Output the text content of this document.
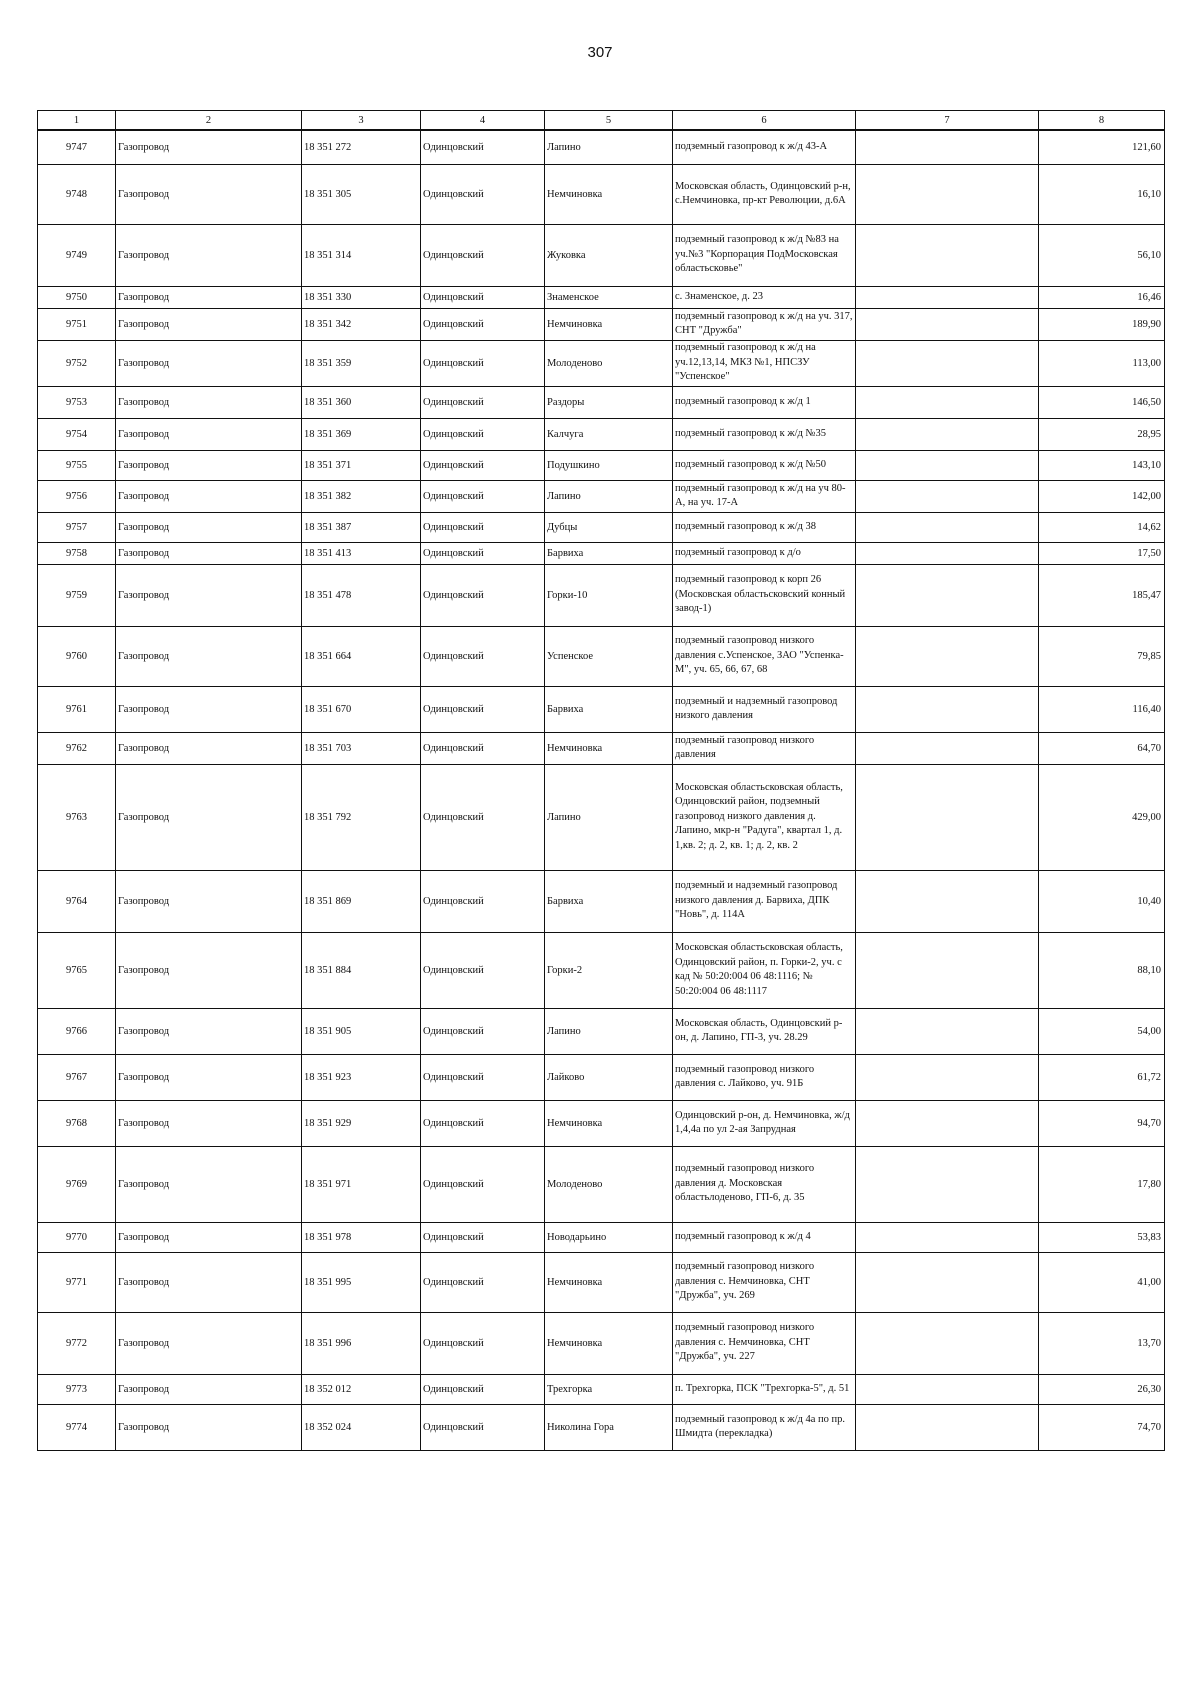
307
1	2	3	4	5	6	7	8
9747	Газопровод	18 351 272	Одинцовский	Лапино	подземный газопровод к ж/д 43-А		121,60
9748	Газопровод	18 351 305	Одинцовский	Немчиновка	Московская область, Одинцовский р-н, с.Немчиновка, пр-кт Революции, д.6А		16,10
9749	Газопровод	18 351 314	Одинцовский	Жуковка	подземный газопровод к ж/д №83 на уч.№3 "Корпорация ПодМосковская областьсковье"		56,10
9750	Газопровод	18 351 330	Одинцовский	Знаменское	с. Знаменское, д. 23		16,46
9751	Газопровод	18 351 342	Одинцовский	Немчиновка	подземный газопровод к ж/д на уч. 317, СНТ "Дружба"		189,90
9752	Газопровод	18 351 359	Одинцовский	Молоденово	подземный газопровод к ж/д на уч.12,13,14, МКЗ №1, НПСЗУ "Успенское"		113,00
9753	Газопровод	18 351 360	Одинцовский	Раздоры	подземный газопровод к ж/д 1		146,50
9754	Газопровод	18 351 369	Одинцовский	Калчуга	подземный газопровод к ж/д №35		28,95
9755	Газопровод	18 351 371	Одинцовский	Подушкино	подземный газопровод к ж/д №50		143,10
9756	Газопровод	18 351 382	Одинцовский	Лапино	подземный газопровод к ж/д на уч 80-А, на уч. 17-А		142,00
9757	Газопровод	18 351 387	Одинцовский	Дубцы	подземный газопровод к ж/д 38		14,62
9758	Газопровод	18 351 413	Одинцовский	Барвиха	подземный газопровод к д/о		17,50
9759	Газопровод	18 351 478	Одинцовский	Горки-10	подземный газопровод к корп 26 (Московская областьсковский конный завод-1)		185,47
9760	Газопровод	18 351 664	Одинцовский	Успенское	подземный газопровод низкого давления с.Успенское, ЗАО "Успенка-М", уч. 65, 66, 67, 68		79,85
9761	Газопровод	18 351 670	Одинцовский	Барвиха	подземный и надземный газопровод низкого давления		116,40
9762	Газопровод	18 351 703	Одинцовский	Немчиновка	подземный газопровод низкого давления		64,70
9763	Газопровод	18 351 792	Одинцовский	Лапино	Московская областьсковская область, Одинцовский район, подземный газопровод низкого давления д. Лапино, мкр-н "Радуга", квартал 1, д. 1,кв. 2; д. 2, кв. 1; д. 2, кв. 2		429,00
9764	Газопровод	18 351 869	Одинцовский	Барвиха	подземный и надземный газопровод низкого давления д. Барвиха, ДПК "Новь", д. 114А		10,40
9765	Газопровод	18 351 884	Одинцовский	Горки-2	Московская областьсковская область, Одинцовский район, п. Горки-2, уч. с кад № 50:20:004 06 48:1116; № 50:20:004 06 48:1117		88,10
9766	Газопровод	18 351 905	Одинцовский	Лапино	Московская область, Одинцовский р-он, д. Лапино, ГП-3, уч. 28.29		54,00
9767	Газопровод	18 351 923	Одинцовский	Лайково	подземный газопровод низкого давления с. Лайково, уч. 91Б		61,72
9768	Газопровод	18 351 929	Одинцовский	Немчиновка	Одинцовский р-он, д. Немчиновка, ж/д 1,4,4а по ул 2-ая Запрудная		94,70
9769	Газопровод	18 351 971	Одинцовский	Молоденово	подземный газопровод низкого давления д. Московская областьлоденово, ГП-6, д. 35		17,80
9770	Газопровод	18 351 978	Одинцовский	Новодарьино	подземный газопровод к ж/д 4		53,83
9771	Газопровод	18 351 995	Одинцовский	Немчиновка	подземный газопровод низкого давления с. Немчиновка, СНТ "Дружба", уч. 269		41,00
9772	Газопровод	18 351 996	Одинцовский	Немчиновка	подземный газопровод низкого давления с. Немчиновка, СНТ "Дружба", уч. 227		13,70
9773	Газопровод	18 352 012	Одинцовский	Трехгорка	п. Трехгорка, ПСК "Трехгорка-5", д. 51		26,30
9774	Газопровод	18 352 024	Одинцовский	Николина Гора	подземный газопровод к ж/д 4а по пр. Шмидта (перекладка)		74,70
